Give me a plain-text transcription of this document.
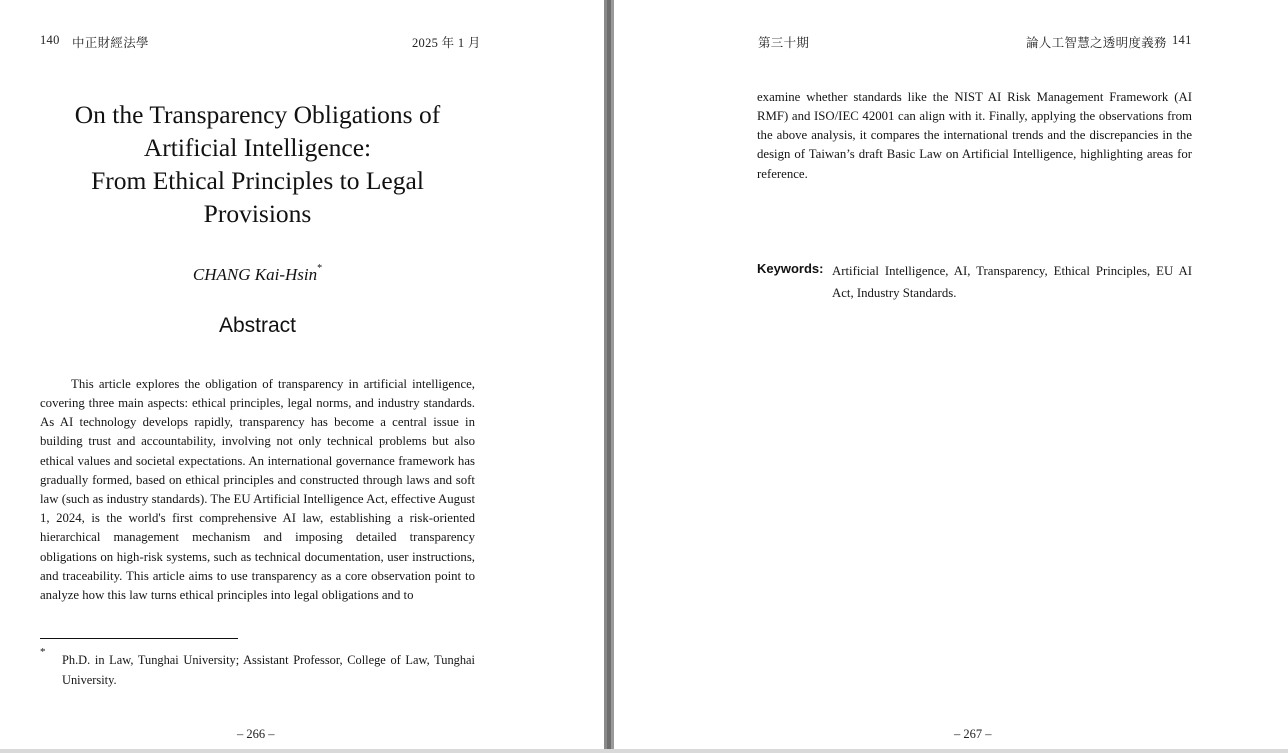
140 中正財經法學	2025 年 1 月
On the Transparency Obligations of
Artificial Intelligence:
From Ethical Principles to Legal
Provisions
CHANG Kai-Hsin*
Abstract

This article explores the obligation of transparency in artificial intelligence, covering three main aspects: ethical principles, legal norms, and industry standards. As AI technology develops rapidly, transparency has become a central issue in building trust and accountability, involving not only technical problems but also ethical values and societal expectations. An international governance framework has gradually formed, based on ethical principles and constructed through laws and soft law (such as industry standards). The EU Artificial Intelligence Act, effective August 1, 2024, is the world's first comprehensive AI law, establishing a risk-oriented hierarchical management mechanism and imposing detailed transparency obligations on high-risk systems, such as technical documentation, user instructions, and traceability. This article aims to use transparency as a core observation point to analyze how this law turns ethical principles into legal obligations and to

*
Ph.D. in Law, Tunghai University; Assistant Professor, College of Law, Tunghai University.
– 266 –
第三十期	論人工智慧之透明度義務 141

examine whether standards like the NIST AI Risk Management Framework (AI RMF) and ISO/IEC 42001 can align with it. Finally, applying the observations from the above analysis, it compares the international trends and the discrepancies in the design of Taiwan’s draft Basic Law on Artificial Intelligence, highlighting areas for reference.

Keywords: Artificial Intelligence, AI, Transparency, Ethical Principles, EU AI Act, Industry Standards.
– 267 –
